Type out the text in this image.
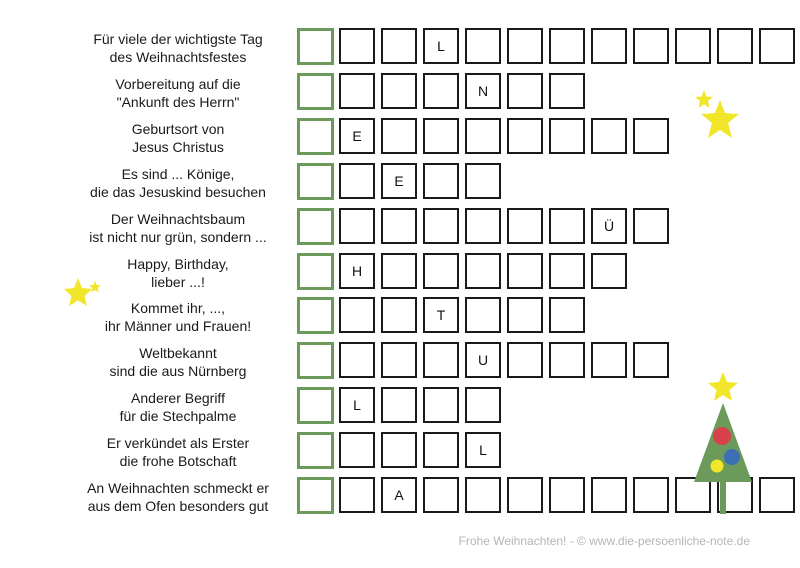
Für viele der wichtigste Tag
des Weihnachtsfestes
L
Vorbereitung auf die
"Ankunft des Herrn"
N
Geburtsort von
Jesus Christus
E
Es sind ... Könige,
die das Jesuskind besuchen
E
Der Weihnachtsbaum
ist nicht nur grün, sondern ...
Ü
Happy, Birthday,
lieber ...!
H
Kommet ihr, ...,
ihr Männer und Frauen!
T
Weltbekannt
sind die aus Nürnberg
U
Anderer Begriff
für die Stechpalme
L
Er verkündet als Erster
die frohe Botschaft
L
An Weihnachten schmeckt er
aus dem Ofen besonders gut
A
Frohe Weihnachten! - © www.die-persoenliche-note.de
